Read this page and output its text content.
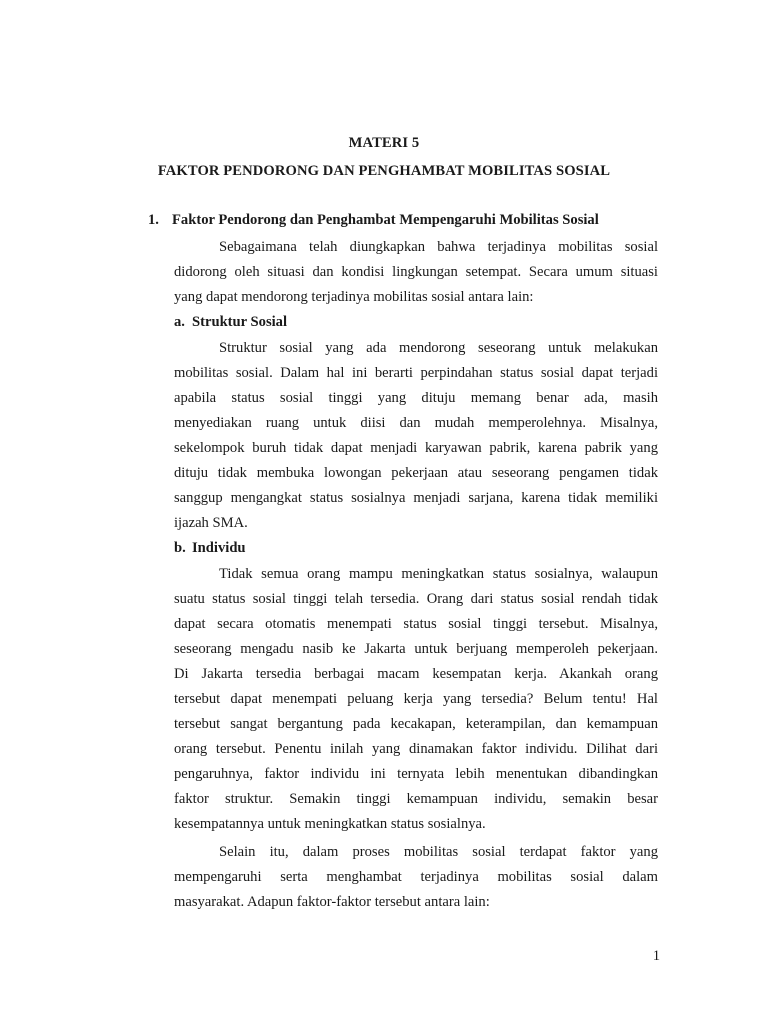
MATERI 5
FAKTOR PENDORONG DAN PENGHAMBAT MOBILITAS SOSIAL
1. Faktor Pendorong dan Penghambat Mempengaruhi Mobilitas Sosial
Sebagaimana telah diungkapkan bahwa terjadinya mobilitas sosial
didorong oleh situasi dan kondisi lingkungan setempat. Secara umum situasi
yang dapat mendorong terjadinya mobilitas sosial antara lain:
a. Struktur Sosial
Struktur sosial yang ada mendorong seseorang untuk melakukan
mobilitas sosial. Dalam hal ini berarti perpindahan status sosial dapat terjadi
apabila status sosial tinggi yang dituju memang benar ada, masih
menyediakan ruang untuk diisi dan mudah memperolehnya. Misalnya,
sekelompok buruh tidak dapat menjadi karyawan pabrik, karena pabrik yang
dituju tidak membuka lowongan pekerjaan atau seseorang pengamen tidak
sanggup mengangkat status sosialnya menjadi sarjana, karena tidak memiliki
ijazah SMA.
b. Individu
Tidak semua orang mampu meningkatkan status sosialnya, walaupun
suatu status sosial tinggi telah tersedia. Orang dari status sosial rendah tidak
dapat secara otomatis menempati status sosial tinggi tersebut. Misalnya,
seseorang mengadu nasib ke Jakarta untuk berjuang memperoleh pekerjaan.
Di Jakarta tersedia berbagai macam kesempatan kerja. Akankah orang
tersebut dapat menempati peluang kerja yang tersedia? Belum tentu! Hal
tersebut sangat bergantung pada kecakapan, keterampilan, dan kemampuan
orang tersebut. Penentu inilah yang dinamakan faktor individu. Dilihat dari
pengaruhnya, faktor individu ini ternyata lebih menentukan dibandingkan
faktor struktur. Semakin tinggi kemampuan individu, semakin besar
kesempatannya untuk meningkatkan status sosialnya.
Selain itu, dalam proses mobilitas sosial terdapat faktor yang
mempengaruhi serta menghambat terjadinya mobilitas sosial dalam
masyarakat. Adapun faktor-faktor tersebut antara lain:
1
